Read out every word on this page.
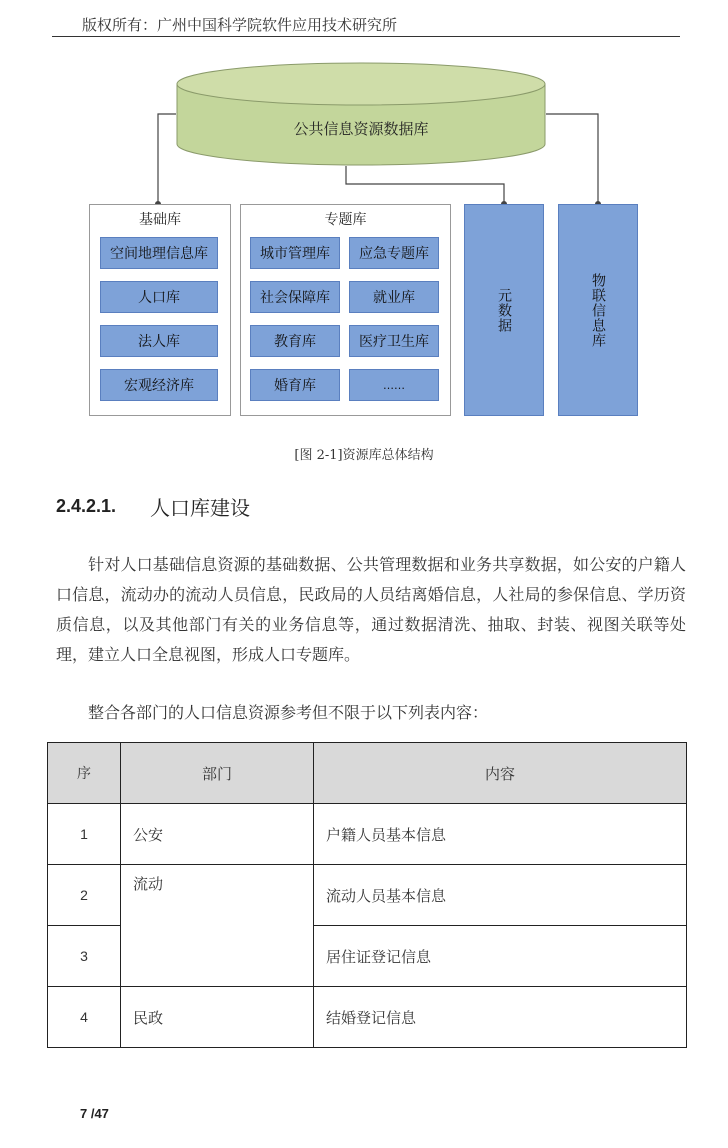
版权所有：广州中国科学院软件应用技术研究所
公共信息资源数据库
基础库
空间地理信息库
人口库
法人库
宏观经济库
专题库
城市管理库	应急专题库
社会保障库	就业库
教育库	医疗卫生库
婚育库	……
元数据	物联信息库
[图 2-1]资源库总体结构
2.4.2.1. 人口库建设
针对人口基础信息资源的基础数据、公共管理数据和业务共享数据，如公安的户籍人口信息，流动办的流动人员信息，民政局的人员结离婚信息，人社局的参保信息、学历资质信息，以及其他部门有关的业务信息等，通过数据清洗、抽取、封装、视图关联等处理，建立人口全息视图，形成人口专题库。
整合各部门的人口信息资源参考但不限于以下列表内容：
序	部门	内容
1	公安	户籍人员基本信息
2	流动	流动人员基本信息
3		居住证登记信息
4	民政	结婚登记信息
7 /47
